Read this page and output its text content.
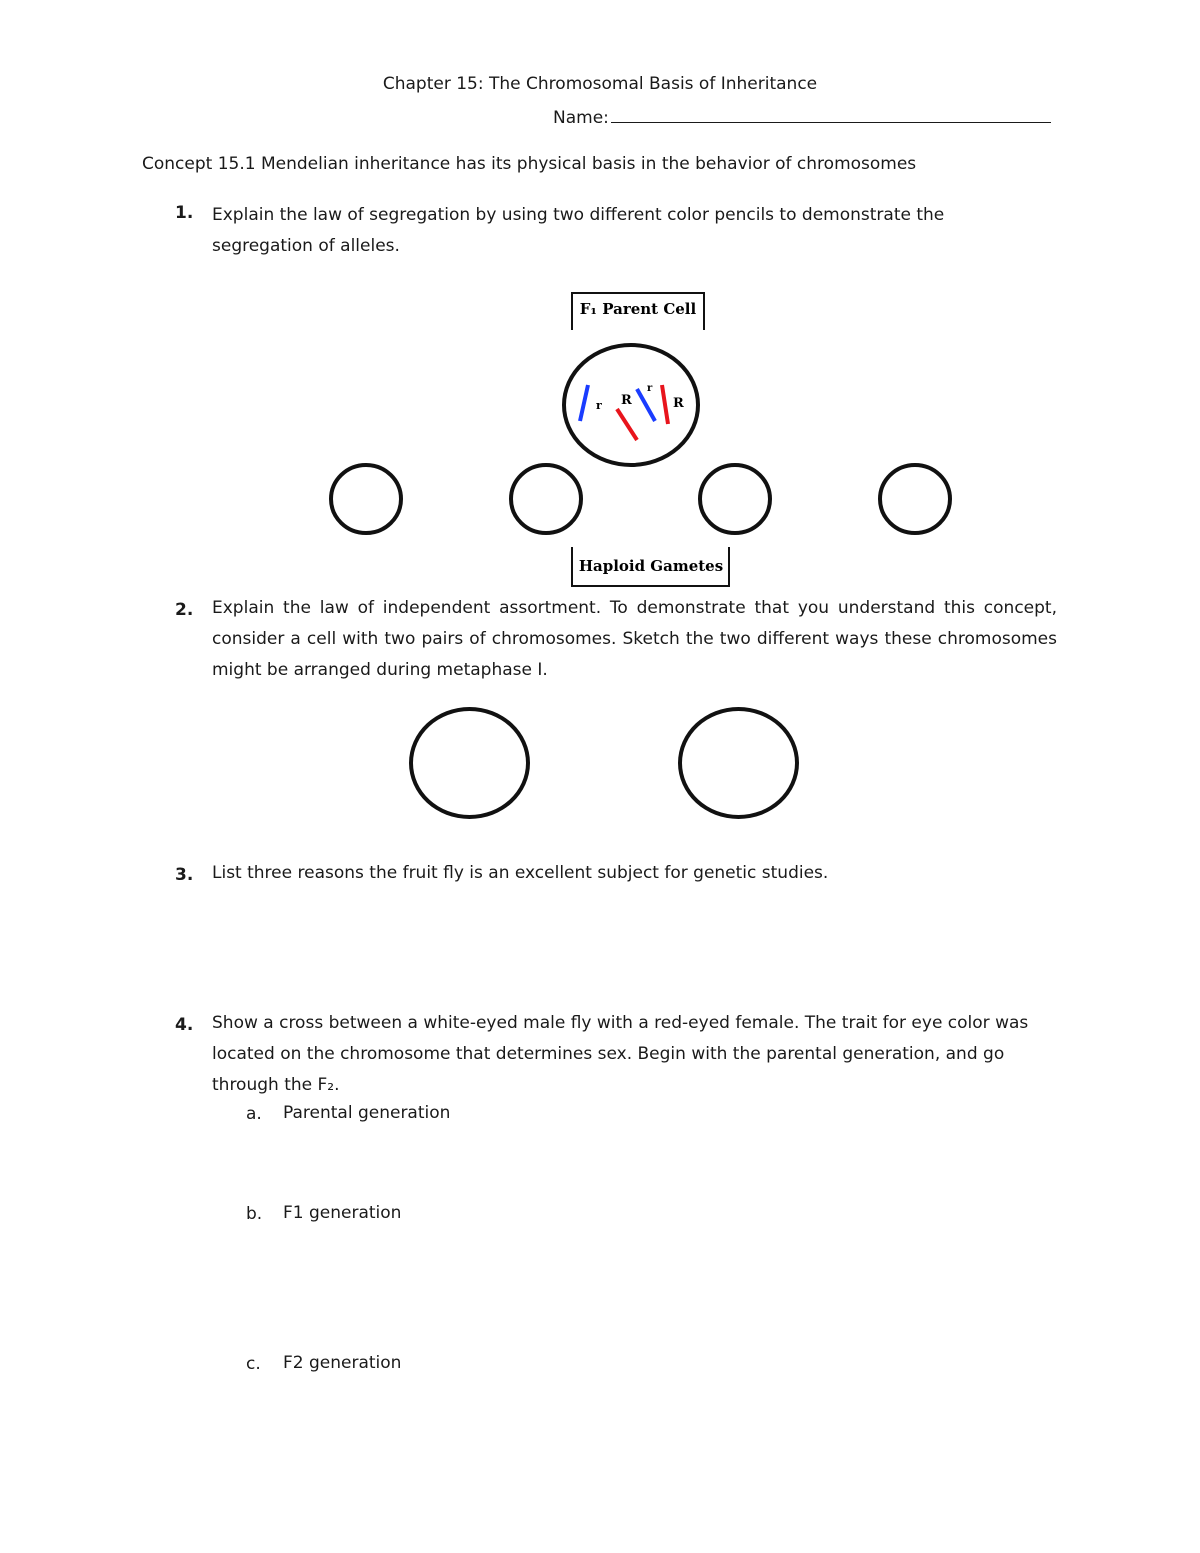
Chapter 15: The Chromosomal Basis of Inheritance
Name:
Concept 15.1 Mendelian inheritance has its physical basis in the behavior of chromosomes
1. Explain the law of segregation by using two different color pencils to demonstrate the segregation of alleles.
F₁ Parent Cell
r R
r
R
Haploid Gametes
2. Explain the law of independent assortment. To demonstrate that you understand this concept, consider a cell with two pairs of chromosomes. Sketch the two different ways these chromosomes might be arranged during metaphase I.
3. List three reasons the fruit fly is an excellent subject for genetic studies.
4. Show a cross between a white-eyed male fly with a red-eyed female. The trait for eye color was located on the chromosome that determines sex. Begin with the parental generation, and go through the F₂.
a. Parental generation
b. F1 generation
c. F2 generation
